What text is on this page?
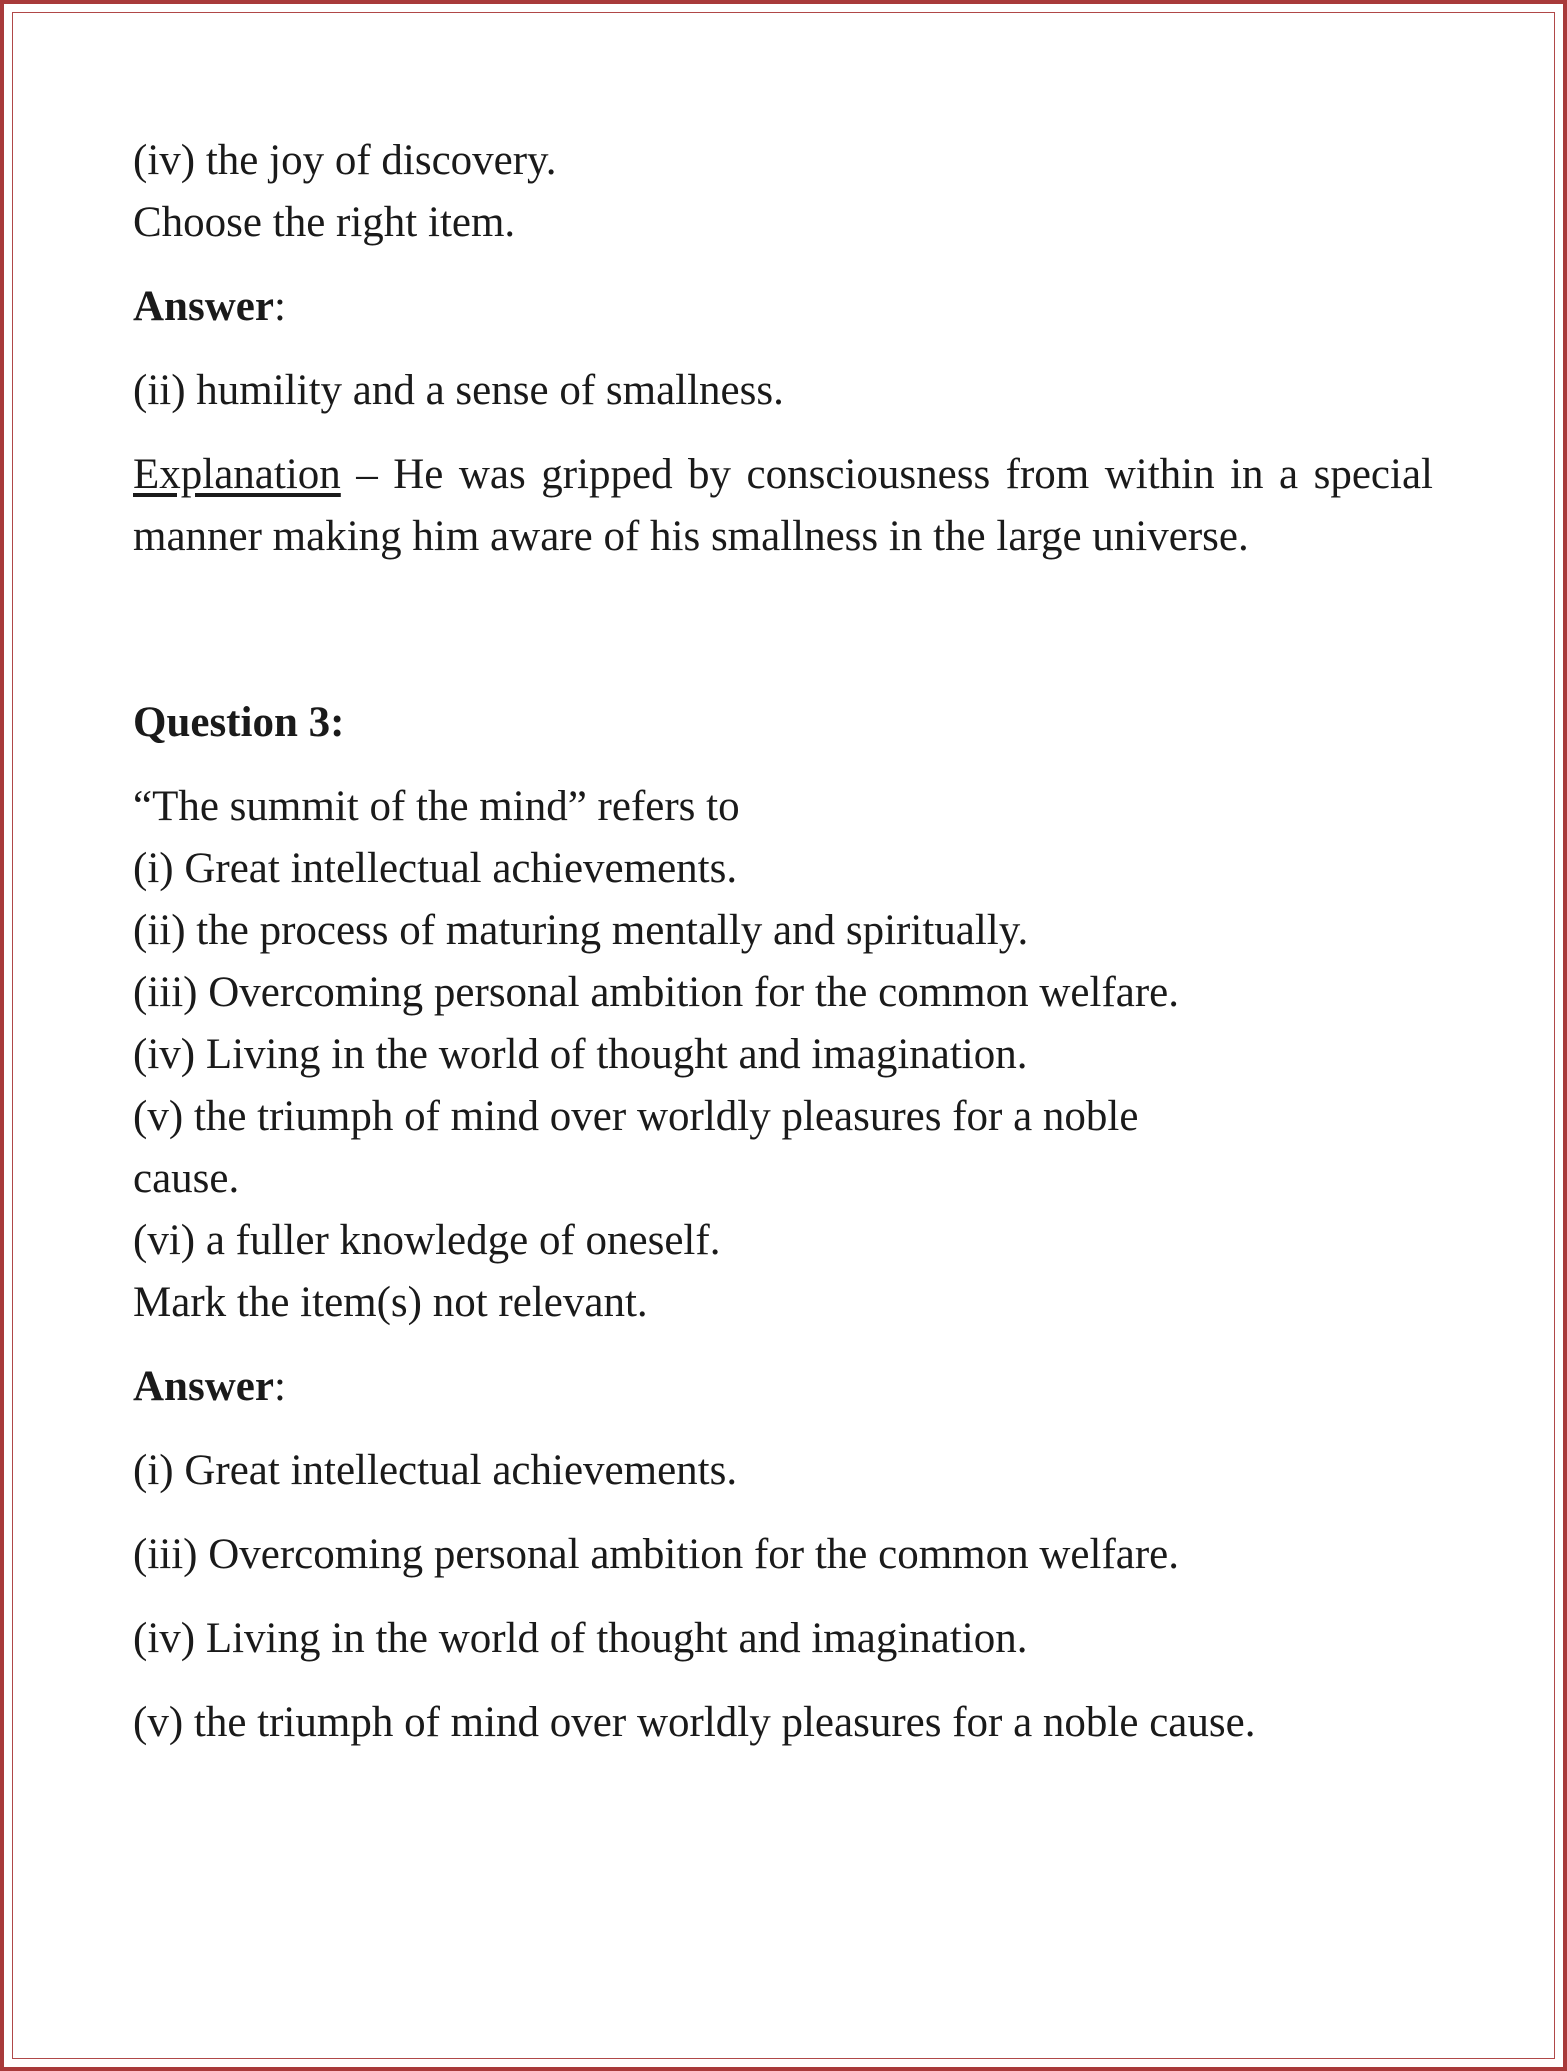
(iv) the joy of discovery.
Choose the right item.
Answer:
(ii) humility and a sense of smallness.
Explanation – He was gripped by consciousness from within in a special manner making him aware of his smallness in the large universe.
Question 3:
“The summit of the mind” refers to
(i) Great intellectual achievements.
(ii) the process of maturing mentally and spiritually.
(iii) Overcoming personal ambition for the common welfare.
(iv) Living in the world of thought and imagination.
(v) the triumph of mind over worldly pleasures for a noble
cause.
(vi) a fuller knowledge of oneself.
Mark the item(s) not relevant.
Answer:
(i) Great intellectual achievements.
(iii) Overcoming personal ambition for the common welfare.
(iv) Living in the world of thought and imagination.
(v) the triumph of mind over worldly pleasures for a noble cause.
